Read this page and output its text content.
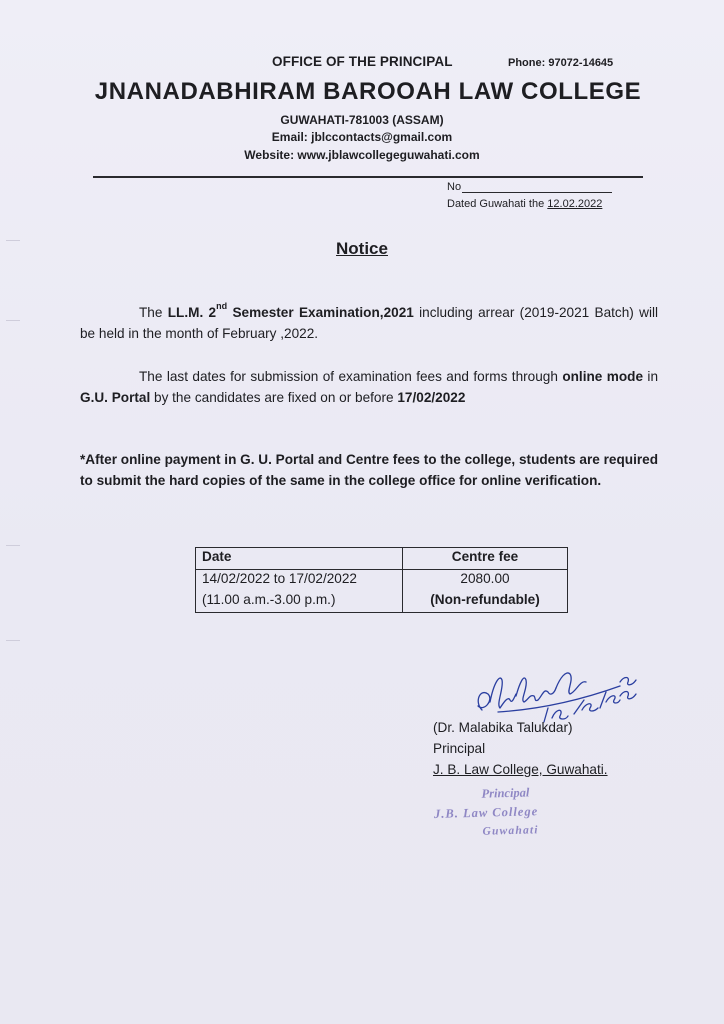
OFFICE OF THE PRINCIPAL	Phone: 97072-14645
JNANADABHIRAM BAROOAH LAW COLLEGE
GUWAHATI-781003 (ASSAM)
Email: jblccontacts@gmail.com
Website: www.jblawcollegeguwahati.com
No
Dated Guwahati the 12.02.2022
Notice
The LL.M. 2nd Semester Examination,2021 including arrear (2019-2021 Batch) will be held in the month of February ,2022.
The last dates for submission of examination fees and forms through online mode in G.U. Portal by the candidates are fixed on or before 17/02/2022
*After online payment in G. U. Portal and Centre fees to the college, students are required to submit the hard copies of the same in the college office for online verification.
Date	Centre fee
14/02/2022 to 17/02/2022	2080.00
(11.00 a.m.-3.00 p.m.)	(Non-refundable)
(Dr. Malabika Talukdar)
Principal
J. B. Law College, Guwahati.
Principal
J.B. Law College
Guwahati
